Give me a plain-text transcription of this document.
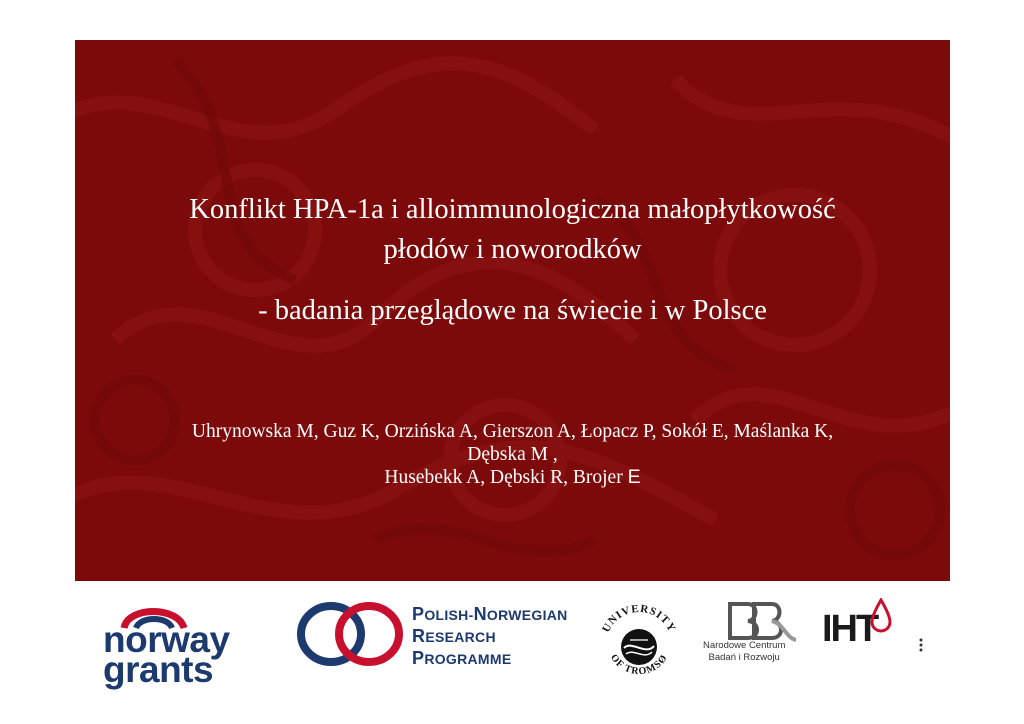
Konflikt HPA-1a i alloimmunologiczna małopłytkowość
płodów i noworodków
- badania przeglądowe na świecie i w Polsce
Uhrynowska M, Guz K, Orzińska A, Gierszon A, Łopacz P, Sokół E, Maślanka K,
Dębska M ,
Husebekk A, Dębski R, Brojer E
norway
grants
POLISH-NORWEGIAN
RESEARCH
PROGRAMME
UNIVERSITY
OF TROMSØ
Narodowe Centrum
Badań i Rozwoju
IHT
